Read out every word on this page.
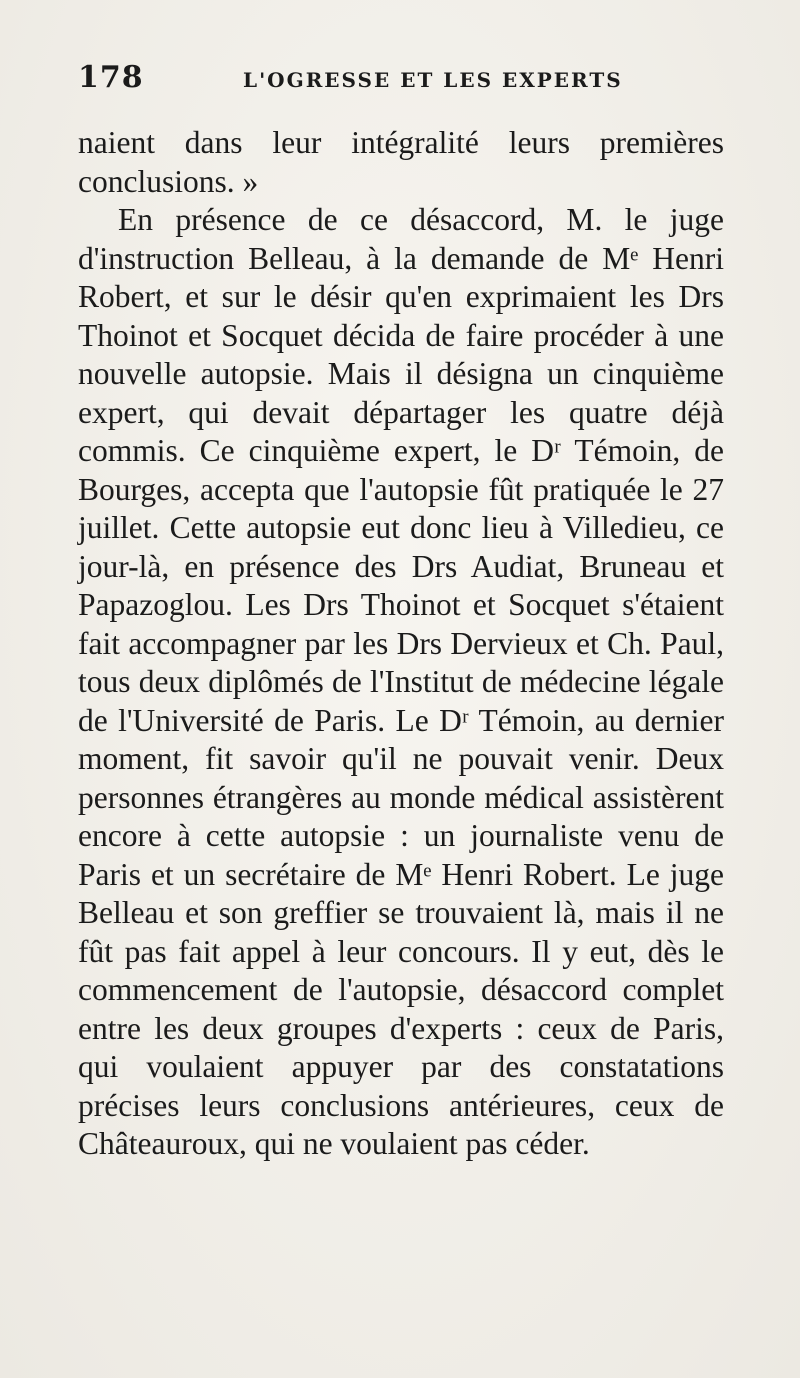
178	L'OGRESSE ET LES EXPERTS

naient dans leur intégralité leurs premières conclusions. »

En présence de ce désaccord, M. le juge d'instruction Belleau, à la demande de Mᵉ Henri Robert, et sur le désir qu'en exprimaient les Drs Thoinot et Socquet décida de faire procéder à une nouvelle autopsie. Mais il désigna un cinquième expert, qui devait départager les quatre déjà commis. Ce cinquième expert, le Dʳ Témoin, de Bourges, accepta que l'autopsie fût pratiquée le 27 juillet. Cette autopsie eut donc lieu à Villedieu, ce jour-là, en présence des Drs Audiat, Bruneau et Papazoglou. Les Drs Thoinot et Socquet s'étaient fait accompagner par les Drs Dervieux et Ch. Paul, tous deux diplômés de l'Institut de médecine légale de l'Université de Paris. Le Dʳ Témoin, au dernier moment, fit savoir qu'il ne pouvait venir. Deux personnes étrangères au monde médical assistèrent encore à cette autopsie : un journaliste venu de Paris et un secrétaire de Mᵉ Henri Robert. Le juge Belleau et son greffier se trouvaient là, mais il ne fût pas fait appel à leur concours. Il y eut, dès le commencement de l'autopsie, désaccord complet entre les deux groupes d'experts : ceux de Paris, qui voulaient appuyer par des constatations précises leurs conclusions antérieures, ceux de Châteauroux, qui ne voulaient pas céder.
